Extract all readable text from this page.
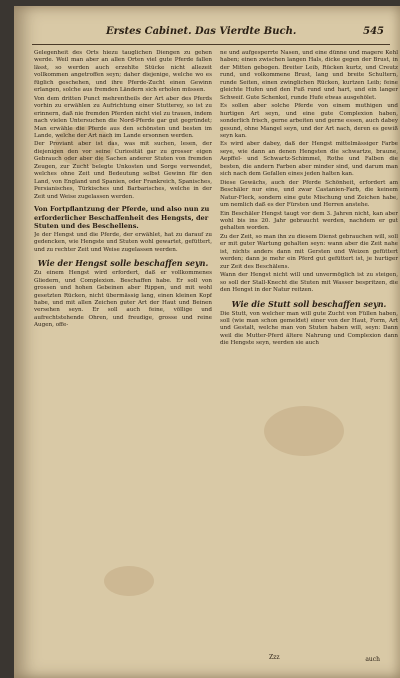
Erstes Cabinet. Das Vierdte Buch.	545

Gelegenheit des Orts hiezu tauglichen Diengen zu gehen werde. Weil man aber an allen Orten viel gute Pferde fallen lässt, so werden auch erzehlte Stücke nicht allezeit vollkommen angetroffen seyn; daher diejenige, welche wo es füglich geschehen, und ihre Pferde-Zucht einen Gewinn erlangen, solche aus fremden Ländern sich erholen müssen.

Von dem dritten Punct mehrentheils der Art aber des Pferds vorhin zu erwählen zu Aufrichtung einer Stutterey, so ist zu erinnern, daß nie fremden Pferden nicht viel zu trauen, indem nach vielen Untersuchen die Nord-Pferde gar gut gegründet; Man erwähle die Pferde aus den schönsten und besten im Lande, welche der Art nach im Lande ersonnen werden.

Der Proviant aber ist das, was mit suchen, lesen, der diejenigen den vor seine Curiosität gar zu grosser eigen Gebrauch oder aber die Sachen anderer Stuten von fremden Zeugen, zur Zucht belegte Unkosten und Sorge verwendet, welches ohne Zeit und Bedeutung selbst Gewinn für den Land, von England und Spanien, oder Frankreich, Spanisches, Persianisches, Türkisches und Barbarisches, welche in der Zeit und Weise zugelassen werden.

Von Fortpflantzung der Pferde, und also nun zu erforderlicher Beschaffenheit des Hengsts, der Stuten und des Beschellens.

Je der Hengst und die Pferde, der erwählet, hat zu darauf zu gedencken, wie Hengste und Stuten wohl gewartet, gefüttert, und zu rechter Zeit und Weise zugelassen werden.

Wie der Hengst solle beschaffen seyn.

Zu einem Hengst wird erfordert, daß er vollkommenes Gliedern, und Complexion. Beschaffen habe. Er soll von grossen und hohen Gebeinen aber Rippen, und mit wohl gesetzten Rücken, nicht übermässig lang, einen kleinen Kopf habe, und mit allen Zeichen guter Art der Haut und Beinen versehen seyn. Er soll auch feine, völlige und aufrechtstehende Ohren, und freudige, grosse und reine Augen, offe-

ne und aufgesperrte Nasen, und eine dünne und magere Kehl haben; einen zwischen langen Hals, dicke gegen der Brust, in der Mitten gebogen. Breiter Leib, Rücken kurtz, und Creutz rund, und volkommene Brust, lang und breite Schultern, runde Seiten, einen zwinglichen Rücken, kurtzen Leib; feine gleichte Hufen und den Fuß rund und hart, und ein langer Schweif. Gute Schenkel, runde Hufe etwas ausgehölet.

Es sollen aber solche Pferde von einem muthigen und hurtigen Art seyn, und eine gute Complexion haben, sonderlich frisch, gerne arbeiten und gerne essen, auch dabey gesund, ohne Mangel seyn, und der Art nach, deren es gewiß seyn kan.

Es wird aber dabey, daß der Hengst mittelmässiger Farbe seye, wie dann an denen Hengsten die schwartze, braune, Aepffel- und Schwartz-Schimmel, Rothe und Falben die besten, die andern Farben aber minder sind, und darum man sich nach dem Gefallen eines jeden halten kan.

Diese Gewächs, auch der Pferde Schönheit, erfordert am Beschäler nur eine, und zwar Castanien-Farb, die keinem Natur-Fleck, sondern eine gute Mischung und Zeichen habe, um nemlich daß es der Fürsten und Herren anstehe.

Ein Beschäler Hengst taugt vor dem 3. Jahren nicht, kan aber wohl bis ins 20. Jahr gebraucht werden, nachdem er gut gehalten worden.

Zu der Zeit, so man ihn zu diesem Dienst gebrauchen will, soll er mit guter Wartung gehalten seyn: wann aber die Zeit nahe ist, nichts anders dann mit Gersten und Weizen gefüttert werden; dann je mehr ein Pferd gut gefüttert ist, je hurtiger zur Zeit des Beschälens.

Wann der Hengst nicht will und unvermöglich ist zu steigen, so soll der Stall-Knecht die Stuten mit Wasser bespritzen, die den Hengst in der Natur reitzen.

Wie die Stutt soll beschaffen seyn.

Die Stutt, von welcher man will gute Zucht von Füllen haben, soll (wie man schon gemeldet) einer von der Haut, Form, Art und Gestalt, welche man von Stuten haben will, seyn: Dann weil die Mutter-Pferd ältere Nahrung und Complexion dann die Hengste seyn, werden sie auch

Zzz	auch
